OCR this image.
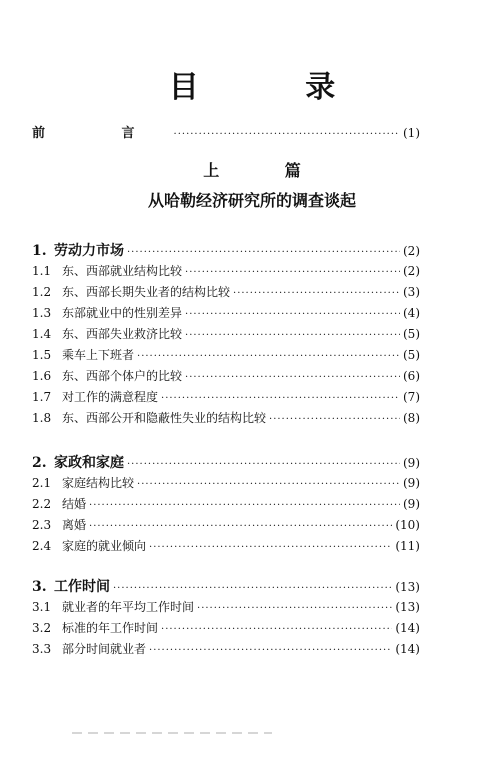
目 录
前 言 ·····	(1)
上 篇
从哈勒经济研究所的调查谈起
1. 劳动力市场 ·····	(2)
1.1 东、西部就业结构比较 ·····	(2)
1.2 东、西部长期失业者的结构比较 ·····	(3)
1.3 东部就业中的性别差异 ·····	(4)
1.4 东、西部失业救济比较 ·····	(5)
1.5 乘车上下班者 ·····	(5)
1.6 东、西部个体户的比较 ·····	(6)
1.7 对工作的满意程度 ·····	(7)
1.8 东、西部公开和隐蔽性失业的结构比较 ·····	(8)
2. 家政和家庭 ·····	(9)
2.1 家庭结构比较 ·····	(9)
2.2 结婚 ·····	(9)
2.3 离婚 ·····	(10)
2.4 家庭的就业倾向 ·····	(11)
3. 工作时间 ·····	(13)
3.1 就业者的年平均工作时间 ·····	(13)
3.2 标准的年工作时间 ·····	(14)
3.3 部分时间就业者 ·····	(14)
